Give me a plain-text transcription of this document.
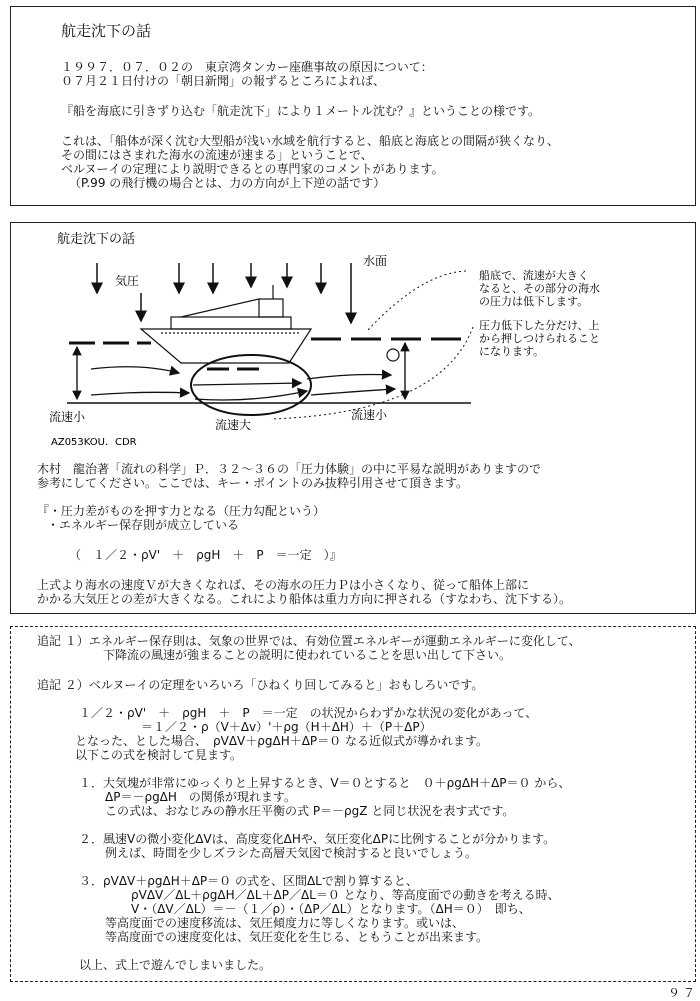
航走沈下の話
１９９７．０７．０２の　東京湾タンカー座礁事故の原因について：
０７月２１日付けの「朝日新聞」の報ずるところによれば、
『船を海底に引きずり込む「航走沈下」により１メートル沈む？』ということの様です。
これは、「船体が深く沈む大型船が浅い水域を航行すると、船底と海底との間隔が狭くなり、
その間にはさまれた海水の流速が速まる」ということで、
ベルヌーイの定理により説明できるとの専門家のコメントがあります。
（P.99 の飛行機の場合とは、力の方向が上下逆の話です）
航走沈下の話
気圧
水面
流速小
流速大
流速小
AZ053KOU．CDR
船底で、流速が大きく
なると、その部分の海水
の圧力は低下します。
圧力低下した分だけ、上
から押しつけられること
になります。
木村　龍治著「流れの科学」Ｐ．３２～３６の「圧力体験」の中に平易な説明がありますので
参考にしてください。ここでは、キー・ポイントのみ抜粋引用させて頂きます。
『・圧力差がものを押す力となる（圧力勾配という）
・エネルギー保存則が成立している
（　１／２・ρV'　＋　ρgH　＋　P　＝一定　）』
上式より海水の速度Ｖが大きくなれば、その海水の圧力Ｐは小さくなり、従って船体上部に
かかる大気圧との差が大きくなる。これにより船体は重力方向に押される（すなわち、沈下する）。
追記 １）エネルギー保存則は、気象の世界では、有効位置エネルギーが運動エネルギーに変化して、
下降流の風速が強まることの説明に使われていることを思い出して下さい。
追記 ２）ベルヌーイの定理をいろいろ「ひねくり回してみると」おもしろいです。
１／２・ρV'　＋　ρgH　＋　P　＝一定　の状況からわずかな状況の変化があって、
＝１／２・ρ（V＋Δv）'＋ρg（H＋ΔH）＋（P＋ΔP）
となった、とした場合、　ρVΔV＋ρgΔH＋ΔP＝０ なる近似式が導かれます。
以下この式を検討して見ます。
１．大気塊が非常にゆっくりと上昇するとき、V＝０とすると　０＋ρgΔH＋ΔP＝０ から、
ΔP＝－ρgΔH　の関係が現れます。
この式は、おなじみの静水圧平衡の式 P＝－ρgZ と同じ状況を表す式です。
２．風速Vの微小変化ΔVは、高度変化ΔHや、気圧変化ΔPに比例することが分かります。
例えば、時間を少しズラシた高層天気図で検討すると良いでしょう。
３．ρVΔV＋ρgΔH＋ΔP＝０ の式を、区間ΔLで割り算すると、
ρVΔV／ΔL＋ρgΔH／ΔL＋ΔP／ΔL＝０ となり、等高度面での動きを考える時、
V・（ΔV／ΔL）＝－（１／ρ）・（ΔP／ΔL）となります。（ΔH＝０）　即ち、
等高度面での速度移流は、気圧傾度力に等しくなります。或いは、
等高度面での速度変化は、気圧変化を生じる、ともうことが出来ます。
以上、式上で遊んでしまいました。
９７
